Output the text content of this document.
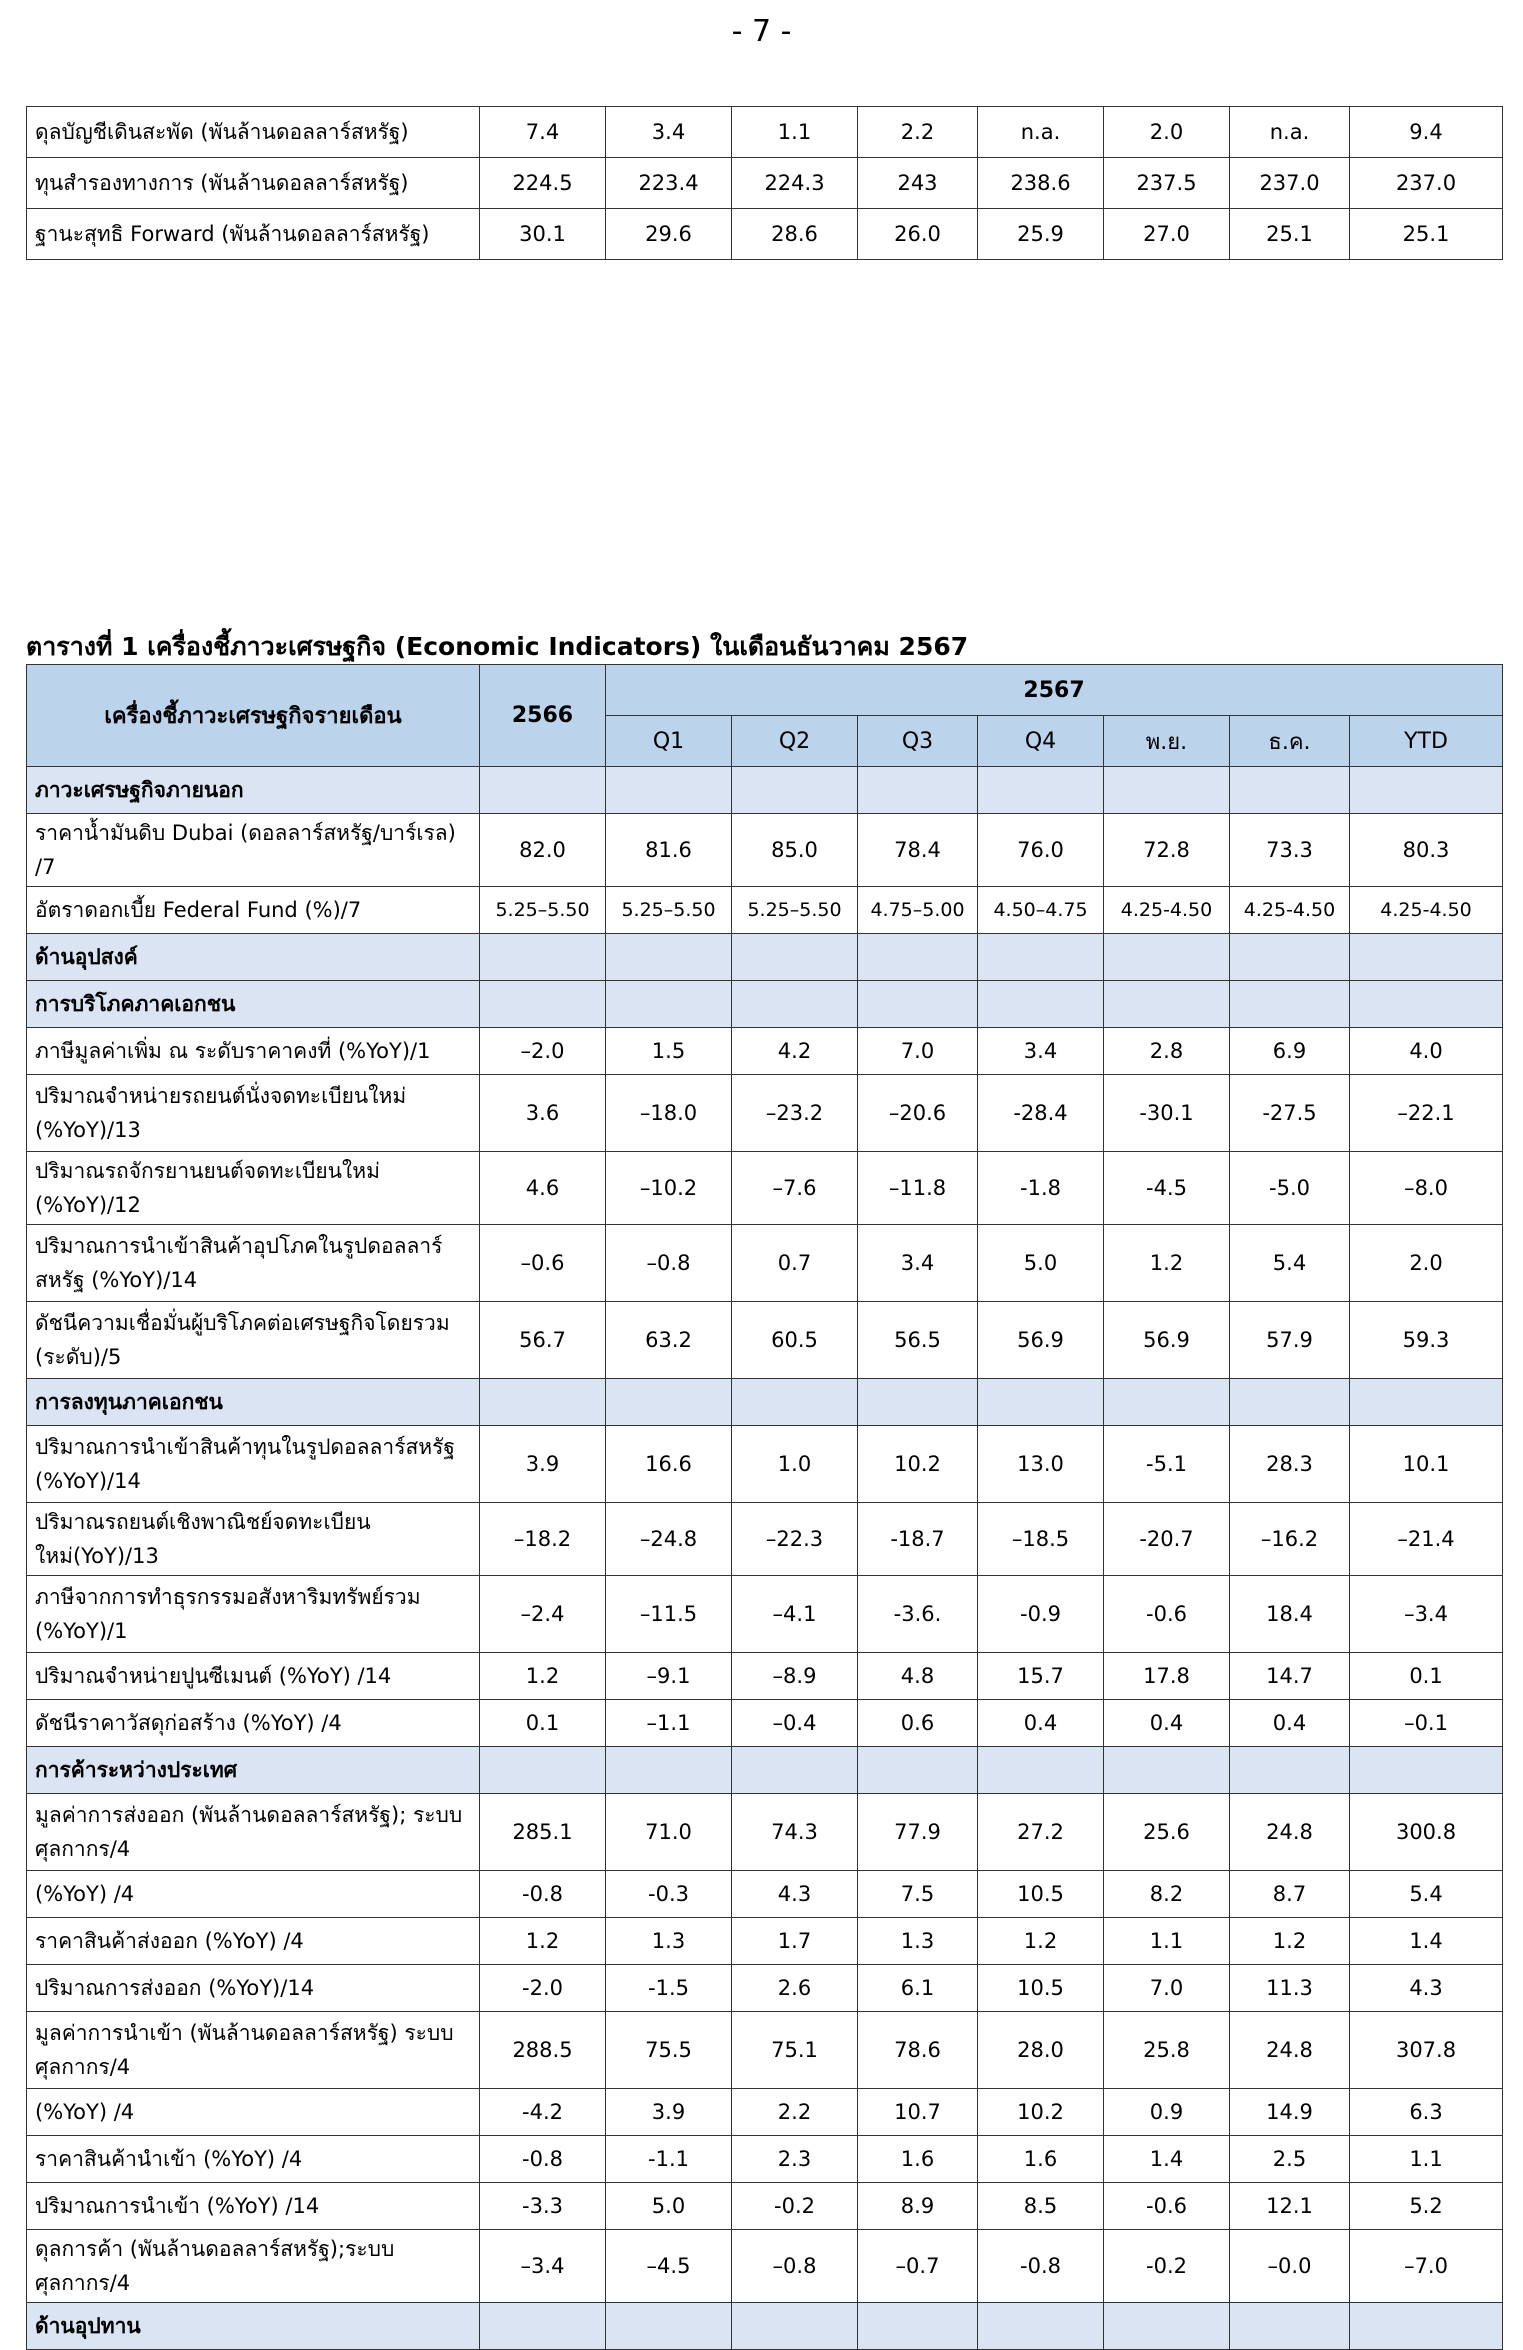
- 7 -
ดุลบัญชีเดินสะพัด (พันล้านดอลลาร์สหรัฐ)	7.4	3.4	1.1	2.2	n.a.	2.0	n.a.	9.4
ทุนสำรองทางการ (พันล้านดอลลาร์สหรัฐ)	224.5	223.4	224.3	243	238.6	237.5	237.0	237.0
ฐานะสุทธิ Forward (พันล้านดอลลาร์สหรัฐ)	30.1	29.6	28.6	26.0	25.9	27.0	25.1	25.1
ตารางที่ 1 เครื่องชี้ภาวะเศรษฐกิจ (Economic Indicators) ในเดือนธันวาคม 2567
เครื่องชี้ภาวะเศรษฐกิจรายเดือน	2566	2567						
		Q1	Q2	Q3	Q4	พ.ย.	ธ.ค.	YTD
ภาวะเศรษฐกิจภายนอก								
ราคาน้ำมันดิบ Dubai (ดอลลาร์สหรัฐ/บาร์เรล) /7	82.0	81.6	85.0	78.4	76.0	72.8	73.3	80.3
อัตราดอกเบี้ย Federal Fund (%)/7	5.25–5.50	5.25–5.50	5.25–5.50	4.75–5.00	4.50–4.75	4.25-4.50	4.25-4.50	4.25-4.50
ด้านอุปสงค์								
การบริโภคภาคเอกชน								
ภาษีมูลค่าเพิ่ม ณ ระดับราคาคงที่ (%YoY)/1	–2.0	1.5	4.2	7.0	3.4	2.8	6.9	4.0
ปริมาณจำหน่ายรถยนต์นั่งจดทะเบียนใหม่ (%YoY)/13	3.6	–18.0	–23.2	–20.6	-28.4	-30.1	-27.5	–22.1
ปริมาณรถจักรยานยนต์จดทะเบียนใหม่ (%YoY)/12	4.6	–10.2	–7.6	–11.8	-1.8	-4.5	-5.0	–8.0
ปริมาณการนำเข้าสินค้าอุปโภคในรูปดอลลาร์สหรัฐ (%YoY)/14	–0.6	–0.8	0.7	3.4	5.0	1.2	5.4	2.0
ดัชนีความเชื่อมั่นผู้บริโภคต่อเศรษฐกิจโดยรวม (ระดับ)/5	56.7	63.2	60.5	56.5	56.9	56.9	57.9	59.3
การลงทุนภาคเอกชน								
ปริมาณการนำเข้าสินค้าทุนในรูปดอลลาร์สหรัฐ (%YoY)/14	3.9	16.6	1.0	10.2	13.0	-5.1	28.3	10.1
ปริมาณรถยนต์เชิงพาณิชย์จดทะเบียนใหม่(YoY)/13	–18.2	–24.8	–22.3	-18.7	–18.5	-20.7	–16.2	–21.4
ภาษีจากการทำธุรกรรมอสังหาริมทรัพย์รวม (%YoY)/1	–2.4	–11.5	–4.1	-3.6.	-0.9	-0.6	18.4	–3.4
ปริมาณจำหน่ายปูนซีเมนต์ (%YoY) /14	1.2	–9.1	–8.9	4.8	15.7	17.8	14.7	0.1
ดัชนีราคาวัสดุก่อสร้าง (%YoY) /4	0.1	–1.1	–0.4	0.6	0.4	0.4	0.4	–0.1
การค้าระหว่างประเทศ								
มูลค่าการส่งออก (พันล้านดอลลาร์สหรัฐ); ระบบศุลกากร/4	285.1	71.0	74.3	77.9	27.2	25.6	24.8	300.8
(%YoY) /4	-0.8	-0.3	4.3	7.5	10.5	8.2	8.7	5.4
ราคาสินค้าส่งออก (%YoY) /4	1.2	1.3	1.7	1.3	1.2	1.1	1.2	1.4
ปริมาณการส่งออก (%YoY)/14	-2.0	-1.5	2.6	6.1	10.5	7.0	11.3	4.3
มูลค่าการนำเข้า (พันล้านดอลลาร์สหรัฐ) ระบบศุลกากร/4	288.5	75.5	75.1	78.6	28.0	25.8	24.8	307.8
(%YoY) /4	-4.2	3.9	2.2	10.7	10.2	0.9	14.9	6.3
ราคาสินค้านำเข้า (%YoY) /4	-0.8	-1.1	2.3	1.6	1.6	1.4	2.5	1.1
ปริมาณการนำเข้า (%YoY) /14	-3.3	5.0	-0.2	8.9	8.5	-0.6	12.1	5.2
ดุลการค้า (พันล้านดอลลาร์สหรัฐ);ระบบศุลกากร/4	–3.4	–4.5	–0.8	–0.7	-0.8	-0.2	–0.0	–7.0
ด้านอุปทาน								
